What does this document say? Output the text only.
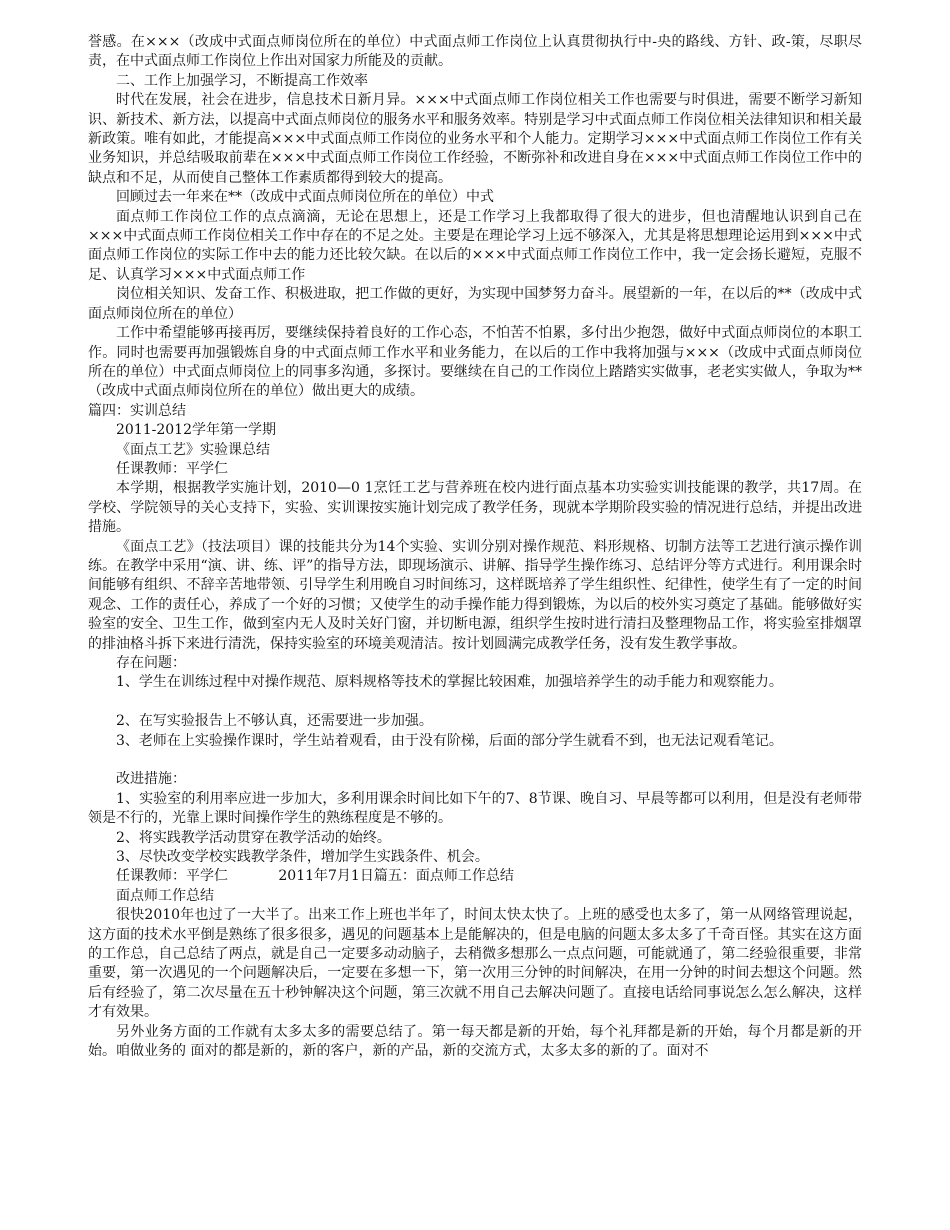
誉感。在×××（改成中式面点师岗位所在的单位）中式面点师工作岗位上认真贯彻执行中-央的路线、方针、政-策，尽职尽责，在中式面点师工作岗位上作出对国家力所能及的贡献。

二、工作上加强学习，不断提高工作效率

时代在发展，社会在进步，信息技术日新月异。×××中式面点师工作岗位相关工作也需要与时俱进，需要不断学习新知识、新技术、新方法，以提高中式面点师岗位的服务水平和服务效率。特别是学习中式面点师工作岗位相关法律知识和相关最新政策。唯有如此，才能提高×××中式面点师工作岗位的业务水平和个人能力。定期学习×××中式面点师工作岗位工作有关业务知识，并总结吸取前辈在×××中式面点师工作岗位工作经验，不断弥补和改进自身在×××中式面点师工作岗位工作中的缺点和不足，从而使自己整体工作素质都得到较大的提高。

回顾过去一年来在**（改成中式面点师岗位所在的单位）中式

面点师工作岗位工作的点点滴滴，无论在思想上，还是工作学习上我都取得了很大的进步，但也清醒地认识到自己在×××中式面点师工作岗位相关工作中存在的不足之处。主要是在理论学习上远不够深入，尤其是将思想理论运用到×××中式面点师工作岗位的实际工作中去的能力还比较欠缺。在以后的×××中式面点师工作岗位工作中，我一定会扬长避短，克服不足、认真学习×××中式面点师工作

岗位相关知识、发奋工作、积极进取，把工作做的更好，为实现中国梦努力奋斗。展望新的一年，在以后的**（改成中式面点师岗位所在的单位）

工作中希望能够再接再厉，要继续保持着良好的工作心态，不怕苦不怕累，多付出少抱怨，做好中式面点师岗位的本职工作。同时也需要再加强锻炼自身的中式面点师工作水平和业务能力，在以后的工作中我将加强与×××（改成中式面点师岗位所在的单位）中式面点师岗位上的同事多沟通，多探讨。要继续在自己的工作岗位上踏踏实实做事，老老实实做人，争取为**（改成中式面点师岗位所在的单位）做出更大的成绩。

篇四：实训总结

2011-2012学年第一学期

《面点工艺》实验课总结

任课教师：平学仁

本学期，根据教学实施计划，2010—0 1烹饪工艺与营养班在校内进行面点基本功实验实训技能课的教学，共17周。在学校、学院领导的关心支持下，实验、实训课按实施计划完成了教学任务，现就本学期阶段实验的情况进行总结，并提出改进措施。

《面点工艺》（技法项目）课的技能共分为14个实验、实训分别对操作规范、料形规格、切制方法等工艺进行演示操作训练。在教学中采用“演、讲、练、评”的指导方法，即现场演示、讲解、指导学生操作练习、总结评分等方式进行。利用课余时间能够有组织、不辞辛苦地带领、引导学生利用晚自习时间练习，这样既培养了学生组织性、纪律性，使学生有了一定的时间观念、工作的责任心，养成了一个好的习惯；又使学生的动手操作能力得到锻炼，为以后的校外实习奠定了基础。能够做好实验室的安全、卫生工作，做到室内无人及时关好门窗，并切断电源，组织学生按时进行清扫及整理物品工作，将实验室排烟罩的排油格斗拆下来进行清洗，保持实验室的环境美观清洁。按计划圆满完成教学任务，没有发生教学事故。

存在问题：

1、学生在训练过程中对操作规范、原料规格等技术的掌握比较困难，加强培养学生的动手能力和观察能力。

2、在写实验报告上不够认真，还需要进一步加强。

3、老师在上实验操作课时，学生站着观看，由于没有阶梯，后面的部分学生就看不到，也无法记观看笔记。

改进措施：

1、实验室的利用率应进一步加大，多利用课余时间比如下午的7、8节课、晚自习、早晨等都可以利用，但是没有老师带领是不行的，光靠上课时间操作学生的熟练程度是不够的。

2、将实践教学活动贯穿在教学活动的始终。

3、尽快改变学校实践教学条件，增加学生实践条件、机会。

任课教师：平学仁	2011年7月1日篇五：面点师工作总结

面点师工作总结

很快2010年也过了一大半了。出来工作上班也半年了，时间太快太快了。上班的感受也太多了，第一从网络管理说起，这方面的技术水平倒是熟练了很多很多，遇见的问题基本上是能解决的，但是电脑的问题太多太多了千奇百怪。其实在这方面的工作总，自己总结了两点，就是自己一定要多动动脑子，去稍微多想那么一点点问题，可能就通了，第二经验很重要，非常重要，第一次遇见的一个问题解决后，一定要在多想一下，第一次用三分钟的时间解决，在用一分钟的时间去想这个问题。然后有经验了，第二次尽量在五十秒钟解决这个问题，第三次就不用自己去解决问题了。直接电话给同事说怎么怎么解决，这样才有效果。

另外业务方面的工作就有太多太多的需要总结了。第一每天都是新的开始，每个礼拜都是新的开始，每个月都是新的开始。咱做业务的 面对的都是新的，新的客户，新的产品，新的交流方式，太多太多的新的了。面对不
